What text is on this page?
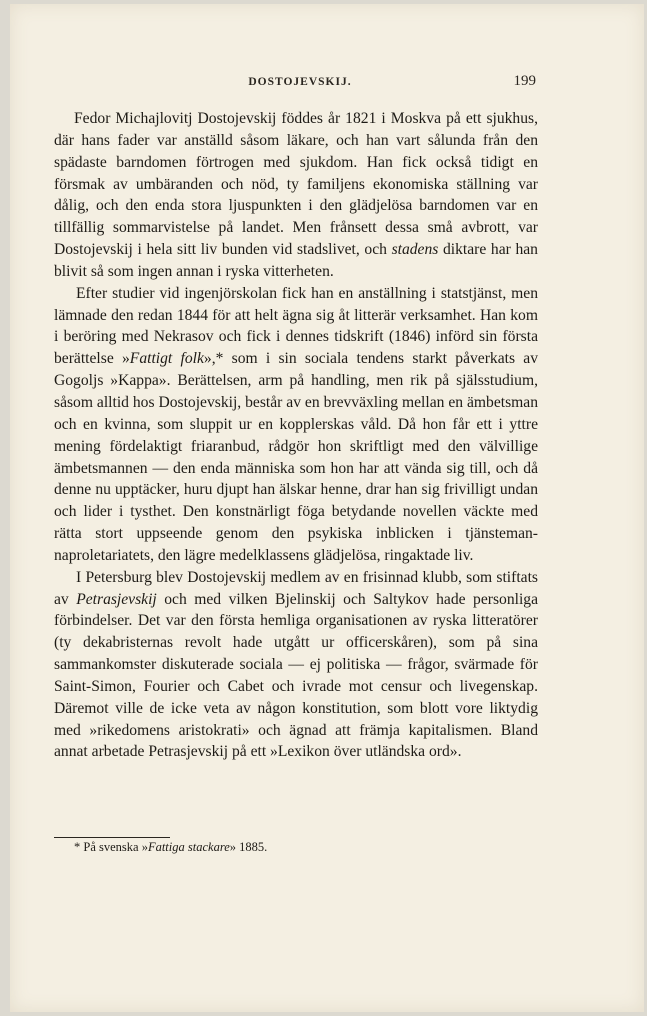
DOSTOJEVSKIJ.	199

Fedor Michajlovitj Dostojevskij föddes år 1821 i Moskva på ett sjukhus, där hans fader var anställd såsom läkare, och han vart sålunda från den spädaste barndomen förtrogen med sjukdom. Han fick också tidigt en försmak av umbäranden och nöd, ty familjens ekonomiska ställning var dålig, och den enda stora ljuspunkten i den glädjelösa barndomen var en tillfällig sommarvistelse på landet. Men frånsett dessa små avbrott, var Dostojevskij i hela sitt liv bunden vid stadslivet, och stadens diktare har han blivit så som ingen annan i ryska vitterheten.

Efter studier vid ingenjörskolan fick han en anställning i statstjänst, men lämnade den redan 1844 för att helt ägna sig åt litterär verksamhet. Han kom i beröring med Nekrasov och fick i dennes tidskrift (1846) införd sin första berättelse »Fattigt folk»,* som i sin sociala tendens starkt påverkats av Gogoljs »Kappa». Berättelsen, arm på handling, men rik på själsstudium, såsom alltid hos Dostojevskij, består av en brevväxling mellan en ämbetsman och en kvinna, som sluppit ur en kopplerskas våld. Då hon får ett i yttre mening fördelaktigt friaranbud, rådgör hon skriftligt med den välvillige ämbetsmannen — den enda människa som hon har att vända sig till, och då denne nu upptäcker, huru djupt han älskar henne, drar han sig frivilligt undan och lider i tysthet. Den konstnärligt föga betydande novellen väckte med rätta stort uppseende genom den psykiska inblicken i tjänstemannaproletariatets, den lägre medelklassens glädjelösa, ringaktade liv.

I Petersburg blev Dostojevskij medlem av en frisinnad klubb, som stiftats av Petrasjevskij och med vilken Bjelinskij och Saltykov hade personliga förbindelser. Det var den första hemliga organisationen av ryska litteratörer (ty dekabristernas revolt hade utgått ur officerskåren), som på sina sammankomster diskuterade sociala — ej politiska — frågor, svärmade för Saint-Simon, Fourier och Cabet och ivrade mot censur och livegenskap. Däremot ville de icke veta av någon konstitution, som blott vore liktydig med »rikedomens aristokrati» och ägnad att främja kapitalismen. Bland annat arbetade Petrasjevskij på ett »Lexikon över utländska ord».

* På svenska »Fattiga stackare» 1885.
